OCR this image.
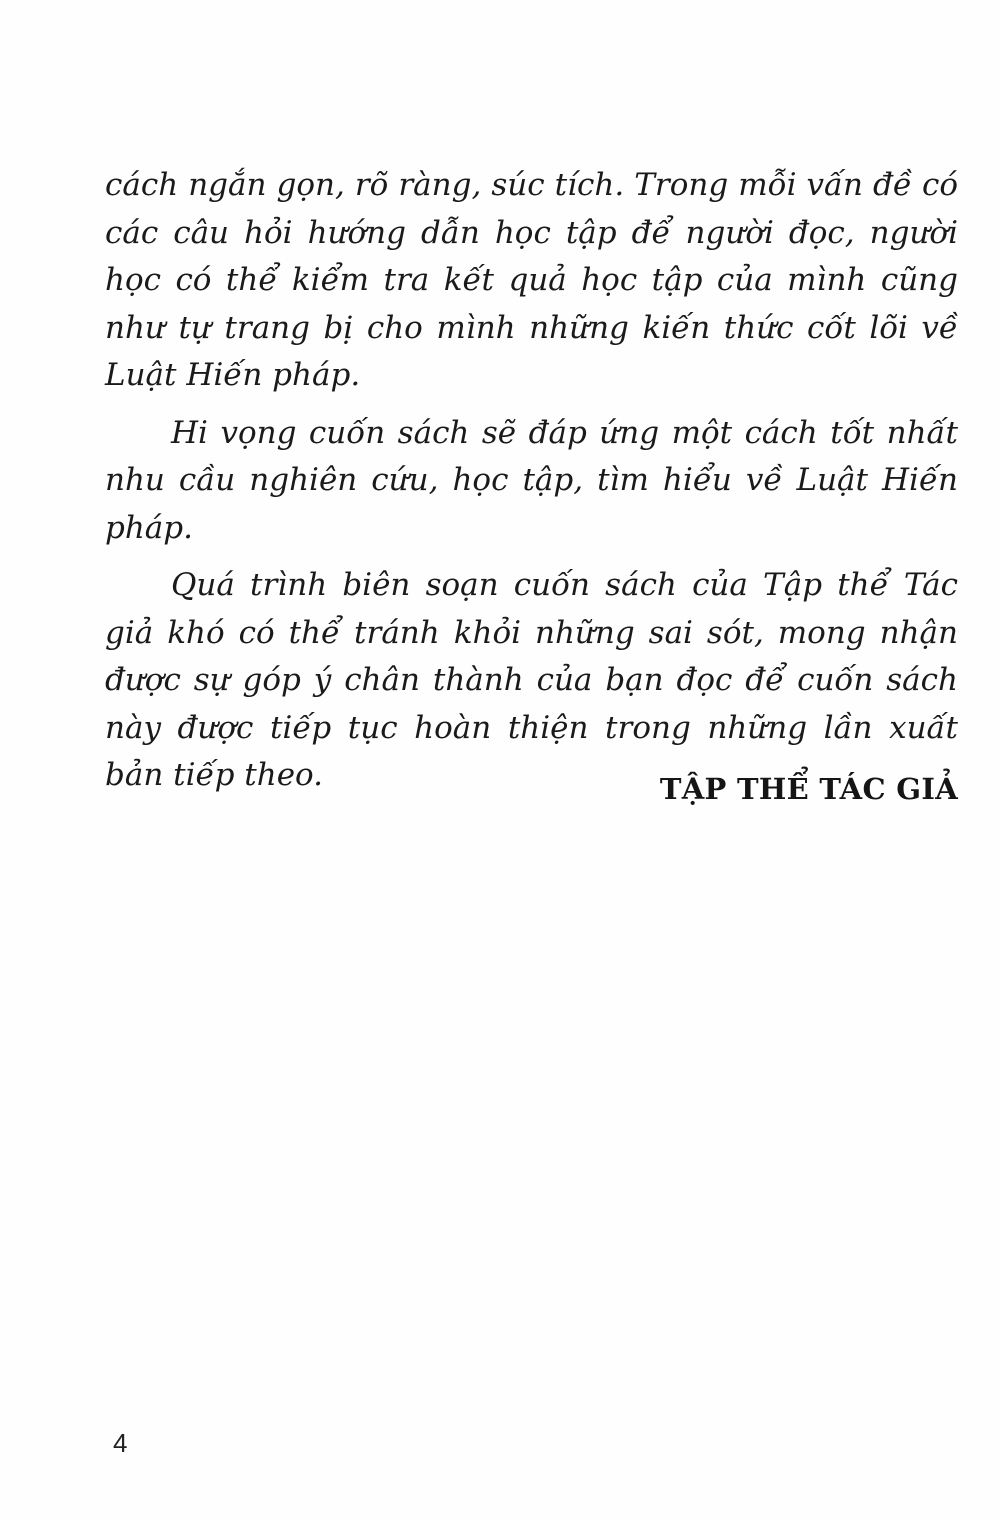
cách ngắn gọn, rõ ràng, súc tích. Trong mỗi vấn đề có các câu hỏi hướng dẫn học tập để người đọc, người học có thể kiểm tra kết quả học tập của mình cũng như tự trang bị cho mình những kiến thức cốt lõi về Luật Hiến pháp.

Hi vọng cuốn sách sẽ đáp ứng một cách tốt nhất nhu cầu nghiên cứu, học tập, tìm hiểu về Luật Hiến pháp.

Quá trình biên soạn cuốn sách của Tập thể Tác giả khó có thể tránh khỏi những sai sót, mong nhận được sự góp ý chân thành của bạn đọc để cuốn sách này được tiếp tục hoàn thiện trong những lần xuất bản tiếp theo.	TẬP THỂ TÁC GIẢ
4
